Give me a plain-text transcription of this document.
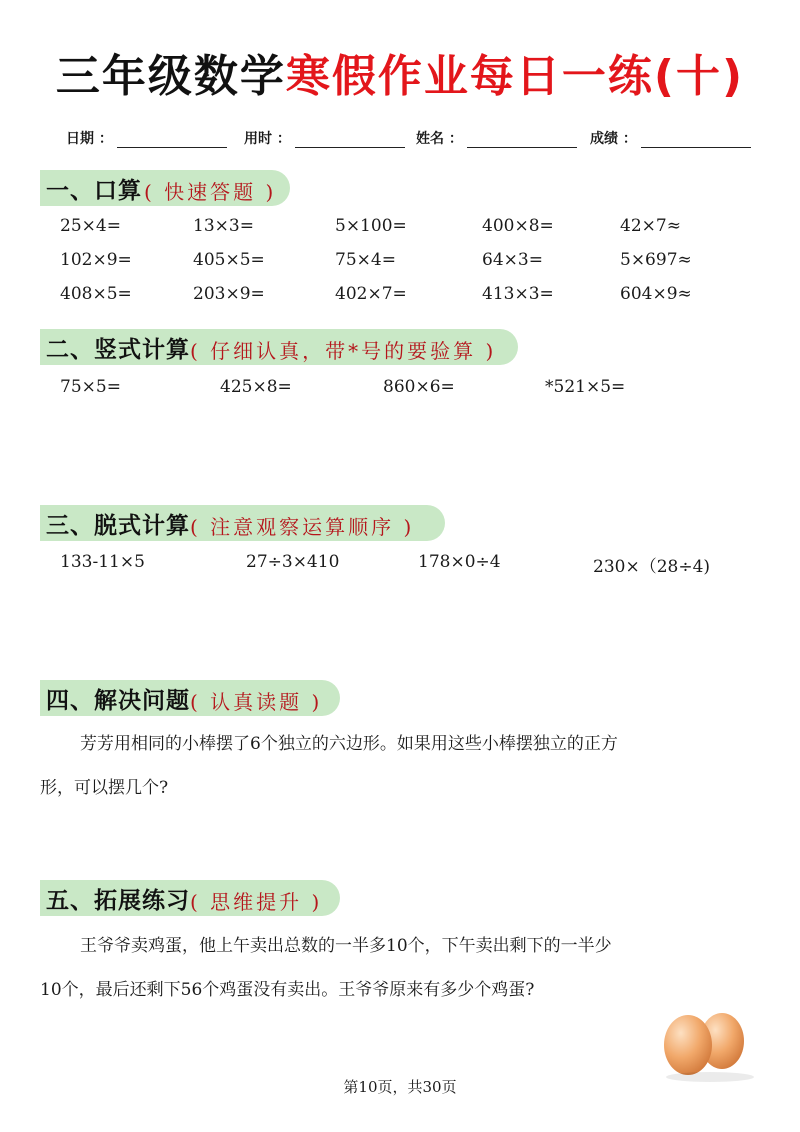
三年级数学寒假作业每日一练(十)
日期 ：	用时 ：	姓名 ：	成绩 ：
一、口算 ( 快速答题 )
25×4=	13×3=	5×100=	400×8=	42×7≈
102×9=	405×5=	75×4=	64×3=	5×697≈
408×5=	203×9=	402×7=	413×3=	604×9≈
二、竖式计算 ( 仔细认真，带*号的要验算 )
75×5=	425×8=	860×6=	*521×5=
三、脱式计算 ( 注意观察运算顺序 )
133-11×5	27÷3×410	178×0÷4	230×（28÷4)
四、解决问题 ( 认真读题 )
芳芳用相同的小棒摆了6个独立的六边形。如果用这些小棒摆独立的正方
形，可以摆几个?
五、拓展练习 ( 思维提升 )
王爷爷卖鸡蛋，他上午卖出总数的一半多10个，下午卖出剩下的一半少
10个，最后还剩下56个鸡蛋没有卖出。王爷爷原来有多少个鸡蛋?
第10页，共30页
